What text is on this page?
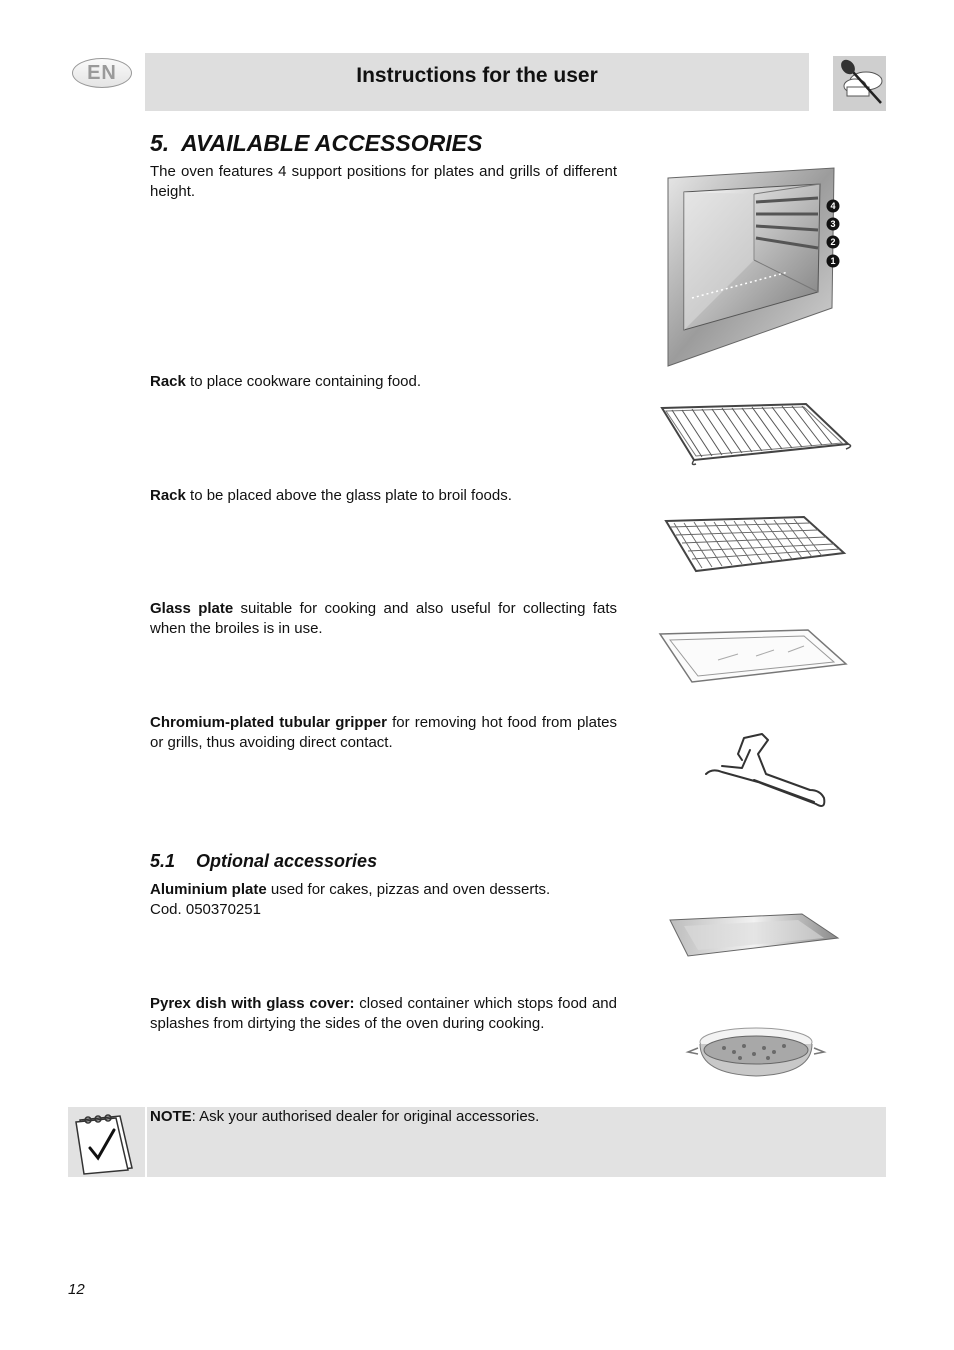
EN	Instructions for the user
5. AVAILABLE ACCESSORIES
The oven features 4 support positions for plates and grills of different height.
4
3
2
1
Rack to place cookware containing food.
Rack to be placed above the glass plate to broil foods.
Glass plate suitable for cooking and also useful for collecting fats when the broiles is in use.
Chromium-plated tubular gripper for removing hot food from plates or grills, thus avoiding direct contact.
5.1 Optional accessories
Aluminium plate used for cakes, pizzas and oven desserts.
Cod. 050370251
Pyrex dish with glass cover: closed container which stops food and splashes from dirtying the sides of the oven during cooking.
NOTE: Ask your authorised dealer for original accessories.
12
